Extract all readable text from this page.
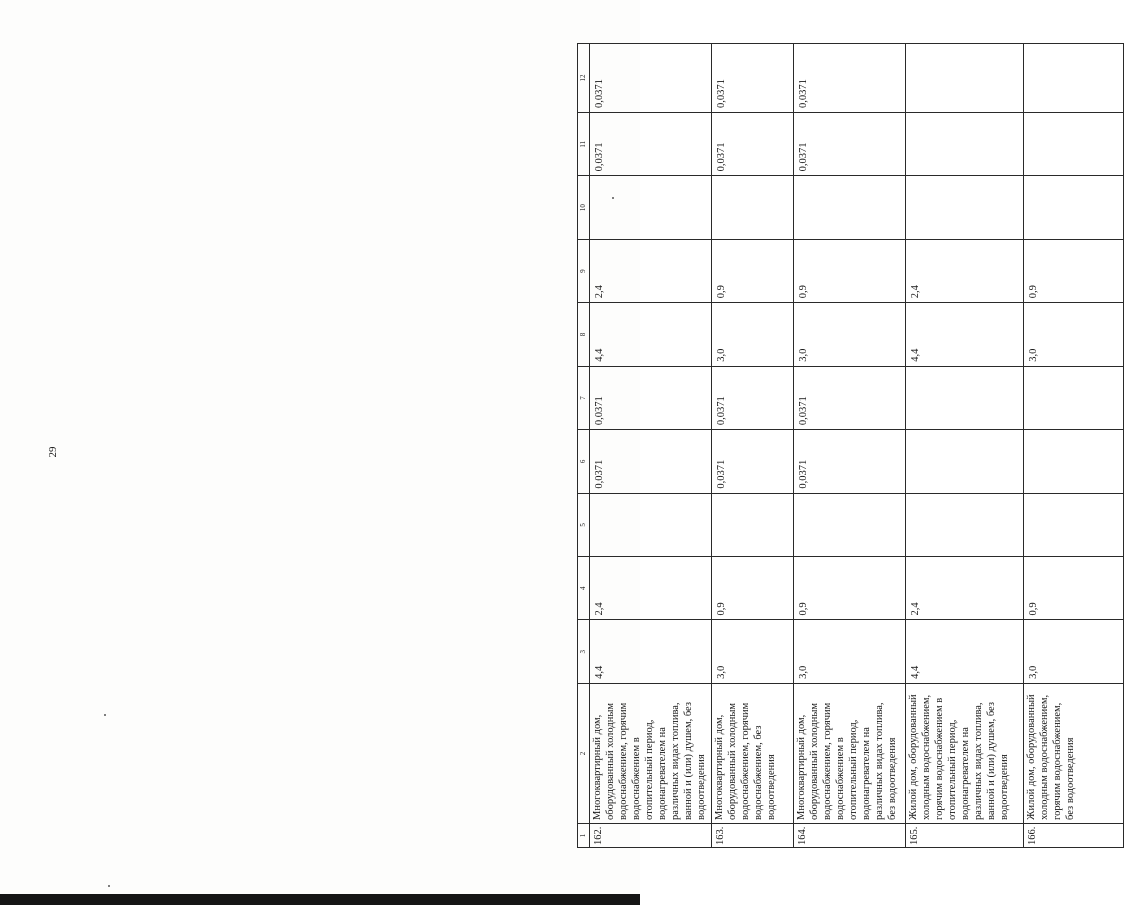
29
1	2	3	4	5	6	7	8	9	10	11	12
162.	Многоквартирный дом, оборудованный холодным водоснабжением, горячим водоснабжением в отопительный период, водонагревателем на различных видах топлива, ванной и (или) душем, без водоотведения	4,4	2,4		0,0371	0,0371	4,4	2,4		0,0371	0,0371
163.	Многоквартирный дом, оборудованный холодным водоснабжением, горячим водоснабжением, без водоотведения	3,0	0,9		0,0371	0,0371	3,0	0,9		0,0371	0,0371
164.	Многоквартирный дом, оборудованный холодным водоснабжением, горячим водоснабжением в отопительный период, водонагревателем на различных видах топлива, без водоотведения	3,0	0,9		0,0371	0,0371	3,0	0,9		0,0371	0,0371
165.	Жилой дом, оборудованный холодным водоснабжением, горячим водоснабжением в отопительный период, водонагревателем на различных видах топлива, ванной и (или) душем, без водоотведения	4,4	2,4				4,4	2,4			
166.	Жилой дом, оборудованный холодным водоснабжением, горячим водоснабжением, без водоотведения	3,0	0,9				3,0	0,9			
